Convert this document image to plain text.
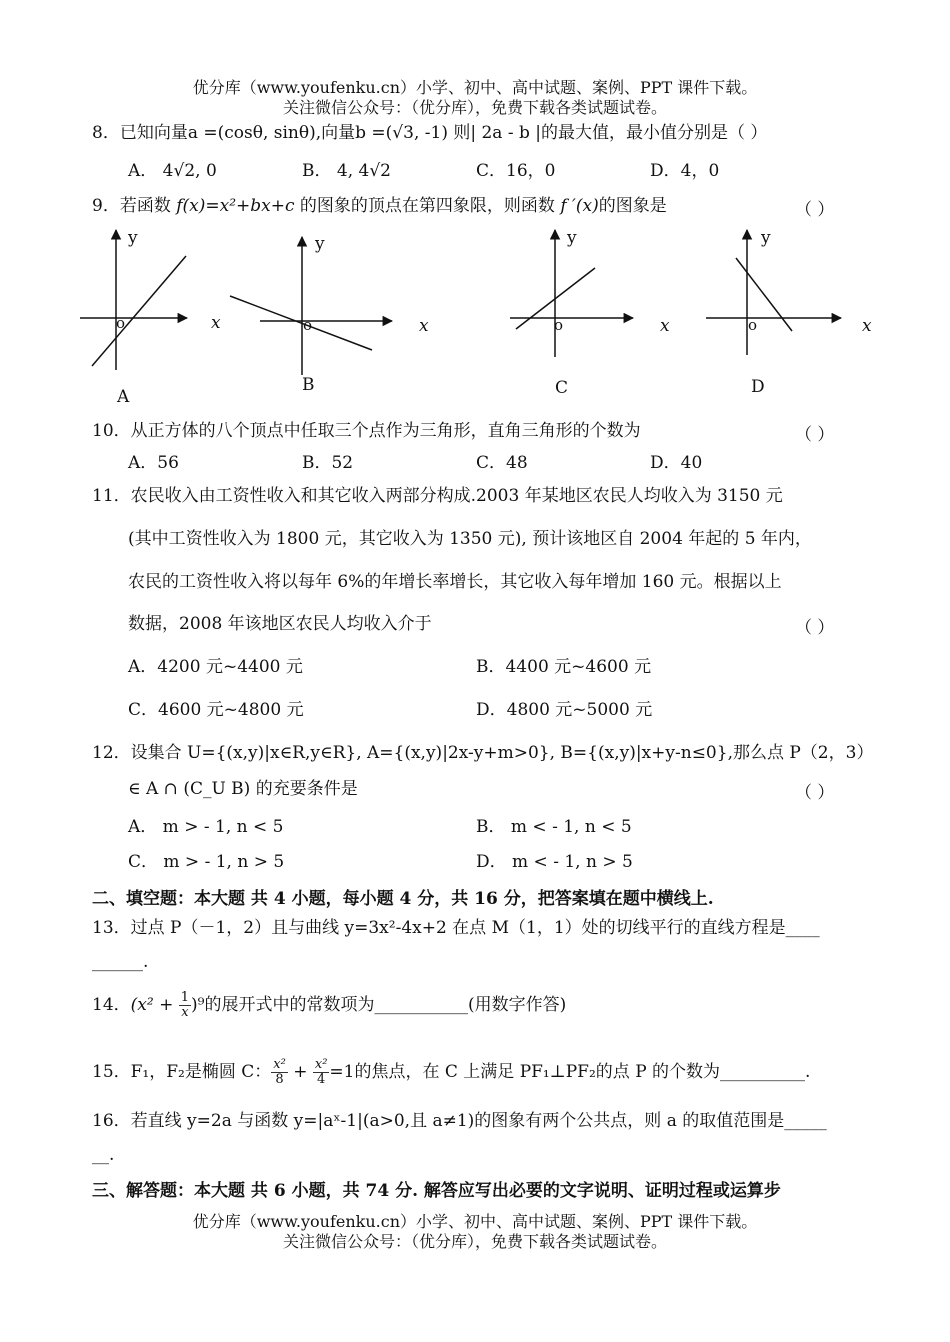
优分库（www.youfenku.cn）小学、初中、高中试题、案例、PPT 课件下载。
关注微信公众号：（优分库），免费下载各类试题试卷。
8．已知向量a =(cosθ, sinθ),向量b =(√3, -1) 则| 2a - b |的最大值，最小值分别是（ ）
A． 4√2, 0	B． 4, 4√2	C．16，0	D．4，0
9．若函数 f(x)=x²+bx+c 的图象的顶点在第四象限，则函数 f ′(x)的图象是	（ ）
y
x
o
A
y
x
o
B
y
x
o
C
y
x
o
D
10．从正方体的八个顶点中任取三个点作为三角形，直角三角形的个数为	（ ）
A．56	B．52	C．48	D．40
11．农民收入由工资性收入和其它收入两部分构成.2003 年某地区农民人均收入为 3150 元
(其中工资性收入为 1800 元，其它收入为 1350 元), 预计该地区自 2004 年起的 5 年内，
农民的工资性收入将以每年 6%的年增长率增长，其它收入每年增加 160 元。根据以上
数据，2008 年该地区农民人均收入介于	（ ）
A．4200 元~4400 元	B．4400 元~4600 元
C．4600 元~4800 元	D．4800 元~5000 元
12．设集合 U={(x,y)|x∈R,y∈R}, A={(x,y)|2x-y+m>0}, B={(x,y)|x+y-n≤0},那么点 P（2，3）
∈ A ∩ (C_U B) 的充要条件是	（ ）
A． m > - 1, n < 5	B． m < - 1, n < 5
C． m > - 1, n > 5	D． m < - 1, n > 5
二、填空题：本大题 共 4 小题，每小题 4 分，共 16 分，把答案填在题中横线上.
13．过点 P（－1，2）且与曲线 y=3x²-4x+2 在点 M（1，1）处的切线平行的直线方程是____
______.
14．$(x^2 + \frac{1}{x} )^9$的展开式中的常数项为___________(用数字作答)
15．F₁，F₂是椭圆 C： $\frac{\text{x²}}{8} + \frac{\text{x²}}{4} =1$的焦点，在 C 上满足 PF₁⊥PF₂的点 P 的个数为__________.
16．若直线 y=2a 与函数 y=|aˣ-1|(a>0,且 a≠1)的图象有两个公共点，则 a 的取值范围是_____
__.
三、解答题：本大题 共 6 小题，共 74 分. 解答应写出必要的文字说明、证明过程或运算步
优分库（www.youfenku.cn）小学、初中、高中试题、案例、PPT 课件下载。
关注微信公众号：（优分库），免费下载各类试题试卷。
